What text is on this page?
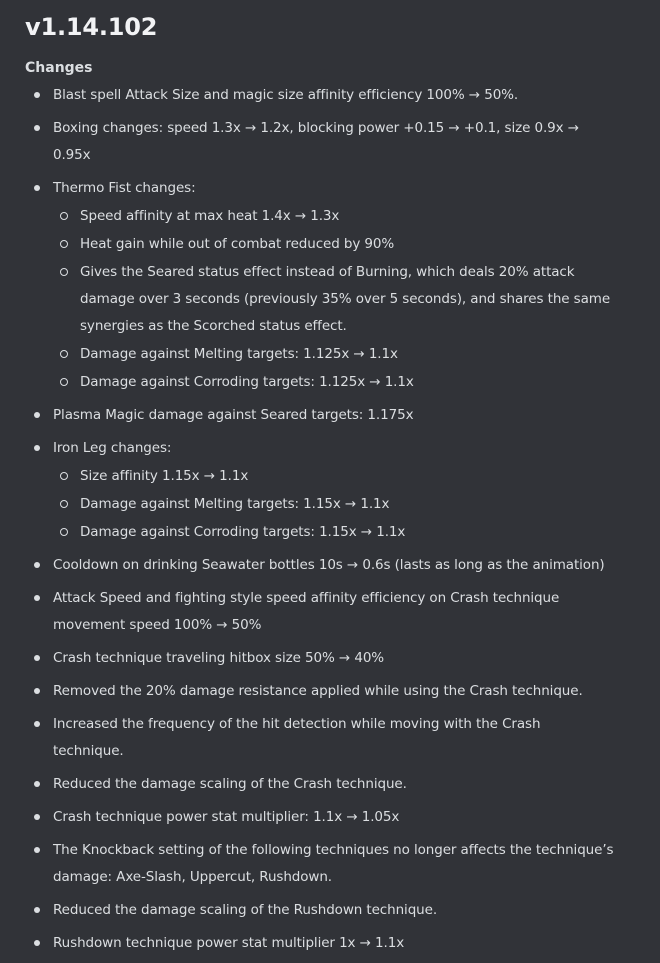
v1.14.102
Changes
Blast spell Attack Size and magic size affinity efficiency 100% → 50%.
Boxing changes: speed 1.3x → 1.2x, blocking power +0.15 → +0.1, size 0.9x → 0.95x
Thermo Fist changes:
Speed affinity at max heat 1.4x → 1.3x
Heat gain while out of combat reduced by 90%
Gives the Seared status effect instead of Burning, which deals 20% attack damage over 3 seconds (previously 35% over 5 seconds), and shares the same synergies as the Scorched status effect.
Damage against Melting targets: 1.125x → 1.1x
Damage against Corroding targets: 1.125x → 1.1x
Plasma Magic damage against Seared targets: 1.175x
Iron Leg changes:
Size affinity 1.15x → 1.1x
Damage against Melting targets: 1.15x → 1.1x
Damage against Corroding targets: 1.15x → 1.1x
Cooldown on drinking Seawater bottles 10s → 0.6s (lasts as long as the animation)
Attack Speed and fighting style speed affinity efficiency on Crash technique movement speed 100% → 50%
Crash technique traveling hitbox size 50% → 40%
Removed the 20% damage resistance applied while using the Crash technique.
Increased the frequency of the hit detection while moving with the Crash technique.
Reduced the damage scaling of the Crash technique.
Crash technique power stat multiplier: 1.1x → 1.05x
The Knockback setting of the following techniques no longer affects the technique’s damage: Axe-Slash, Uppercut, Rushdown.
Reduced the damage scaling of the Rushdown technique.
Rushdown technique power stat multiplier 1x → 1.1x
